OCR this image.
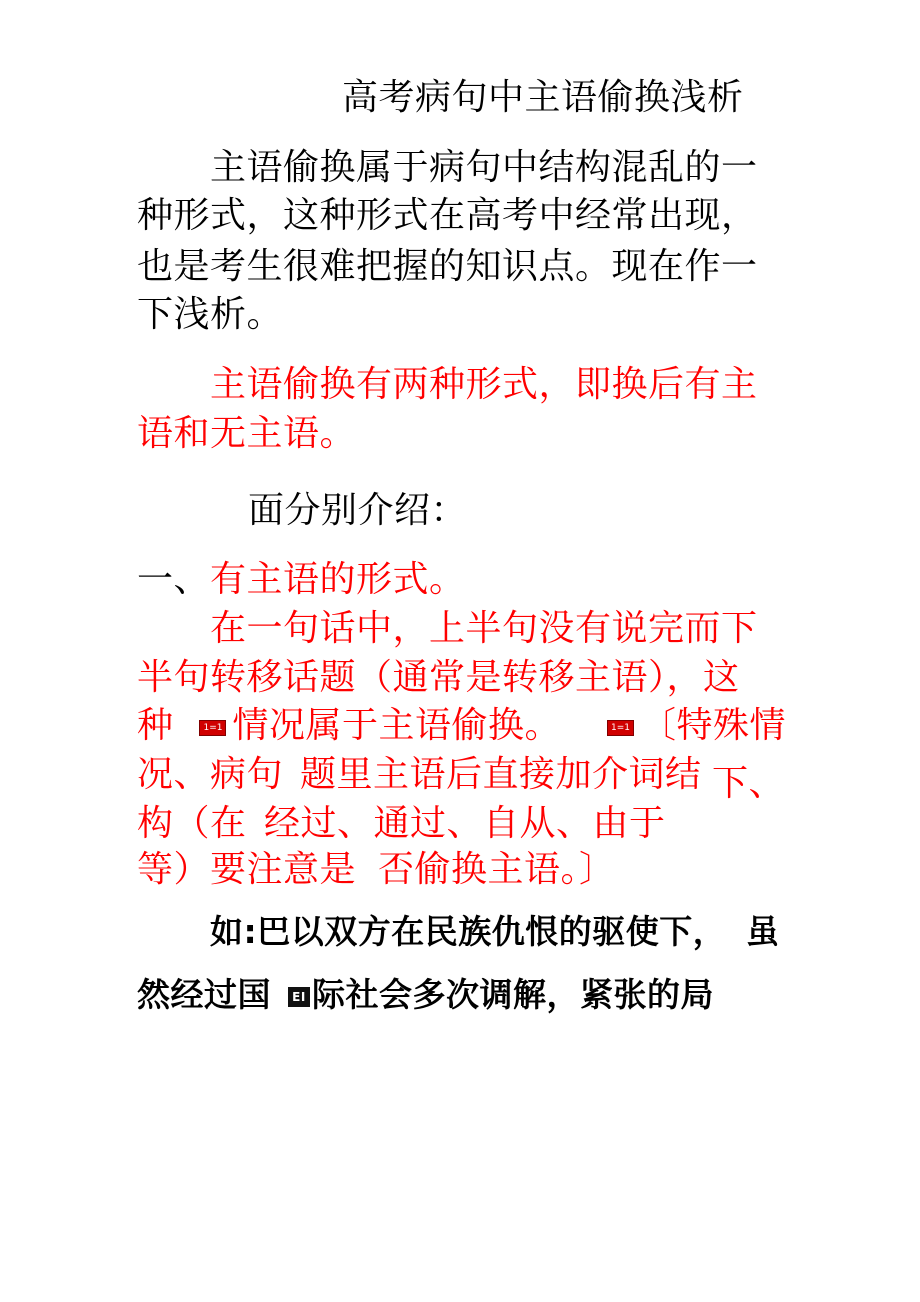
高考病句中主语偷换浅析
主语偷换属于病句中结构混乱的一
种形式，这种形式在高考中经常出现，
也是考生很难把握的知识点。现在作一
下浅析。
主语偷换有两种形式，即换后有主
语和无主语。
面分别介绍：
一、有主语的形式。
在一句话中，上半句没有说完而下
半句转移话题（通常是转移主语），这
种	1=1 情况属于主语偷换。	1=1 〔特殊情
况、病句 题里主语后直接加介词结 下、
构（在 经过、通过、自从、由于
等）要注意是 否偷换主语。〕
如:巴以双方在民族仇恨的驱使下， 虽
然经过国	EI 际社会多次调解，紧张的局
